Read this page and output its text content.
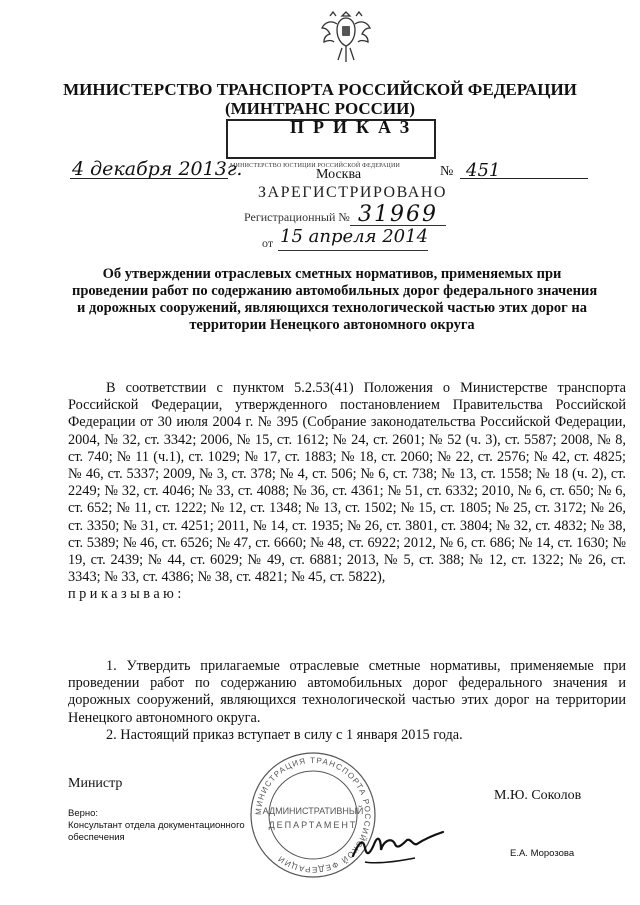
МИНИСТЕРСТВО ТРАНСПОРТА РОССИЙСКОЙ ФЕДЕРАЦИИ
(МИНТРАНС РОССИИ)
ПРИКАЗ
4 декабря 2013г.
МИНИСТЕРСТВО ЮСТИЦИИ РОССИЙСКОЙ ФЕДЕРАЦИИ
Москва	№ 451
ЗАРЕГИСТРИРОВАНО
Регистрационный № 31969
от 15 апреля 2014
Об утверждении отраслевых сметных нормативов, применяемых при
проведении работ по содержанию автомобильных дорог федерального значения
и дорожных сооружений, являющихся технологической частью этих дорог на
территории Ненецкого автономного округа
В соответствии с пунктом 5.2.53(41) Положения о Министерстве транспорта Российской Федерации, утвержденного постановлением Правительства Российской Федерации от 30 июля 2004 г. № 395 (Собрание законодательства Российской Федерации, 2004, № 32, ст. 3342; 2006, № 15, ст. 1612; № 24, ст. 2601; № 52 (ч. 3), ст. 5587; 2008, № 8, ст. 740; № 11 (ч.1), ст. 1029; № 17, ст. 1883; № 18, ст. 2060; № 22, ст. 2576; № 42, ст. 4825; № 46, ст. 5337; 2009, № 3, ст. 378; № 4, ст. 506; № 6, ст. 738; № 13, ст. 1558; № 18 (ч. 2), ст. 2249; № 32, ст. 4046; № 33, ст. 4088; № 36, ст. 4361; № 51, ст. 6332; 2010, № 6, ст. 650; № 6, ст. 652; № 11, ст. 1222; № 12, ст. 1348; № 13, ст. 1502; № 15, ст. 1805; № 25, ст. 3172; № 26, ст. 3350; № 31, ст. 4251; 2011, № 14, ст. 1935; № 26, ст. 3801, ст. 3804; № 32, ст. 4832; № 38, ст. 5389; № 46, ст. 6526; № 47, ст. 6660; № 48, ст. 6922; 2012, № 6, ст. 686; № 14, ст. 1630; № 19, ст. 2439; № 44, ст. 6029; № 49, ст. 6881; 2013, № 5, ст. 388; № 12, ст. 1322; № 26, ст. 3343; № 33, ст. 4386; № 38, ст. 4821; № 45, ст. 5822),
приказываю:

1. Утвердить прилагаемые отраслевые сметные нормативы, применяемые при проведении работ по содержанию автомобильных дорог федерального значения и дорожных сооружений, являющихся технологической частью этих дорог на территории Ненецкого автономного округа.

2. Настоящий приказ вступает в силу с 1 января 2015 года.

МИНИСТРАЦИЯ ТРАНСПОРТА РОССИЙСКОЙ ФЕДЕРАЦИИ
АДМИНИСТРАТИВНЫЙ
ДЕПАРТАМЕНТ
Министр
М.Ю. Соколов
Верно:
Консультант отдела документационного
обеспечения
Е.А. Морозова
